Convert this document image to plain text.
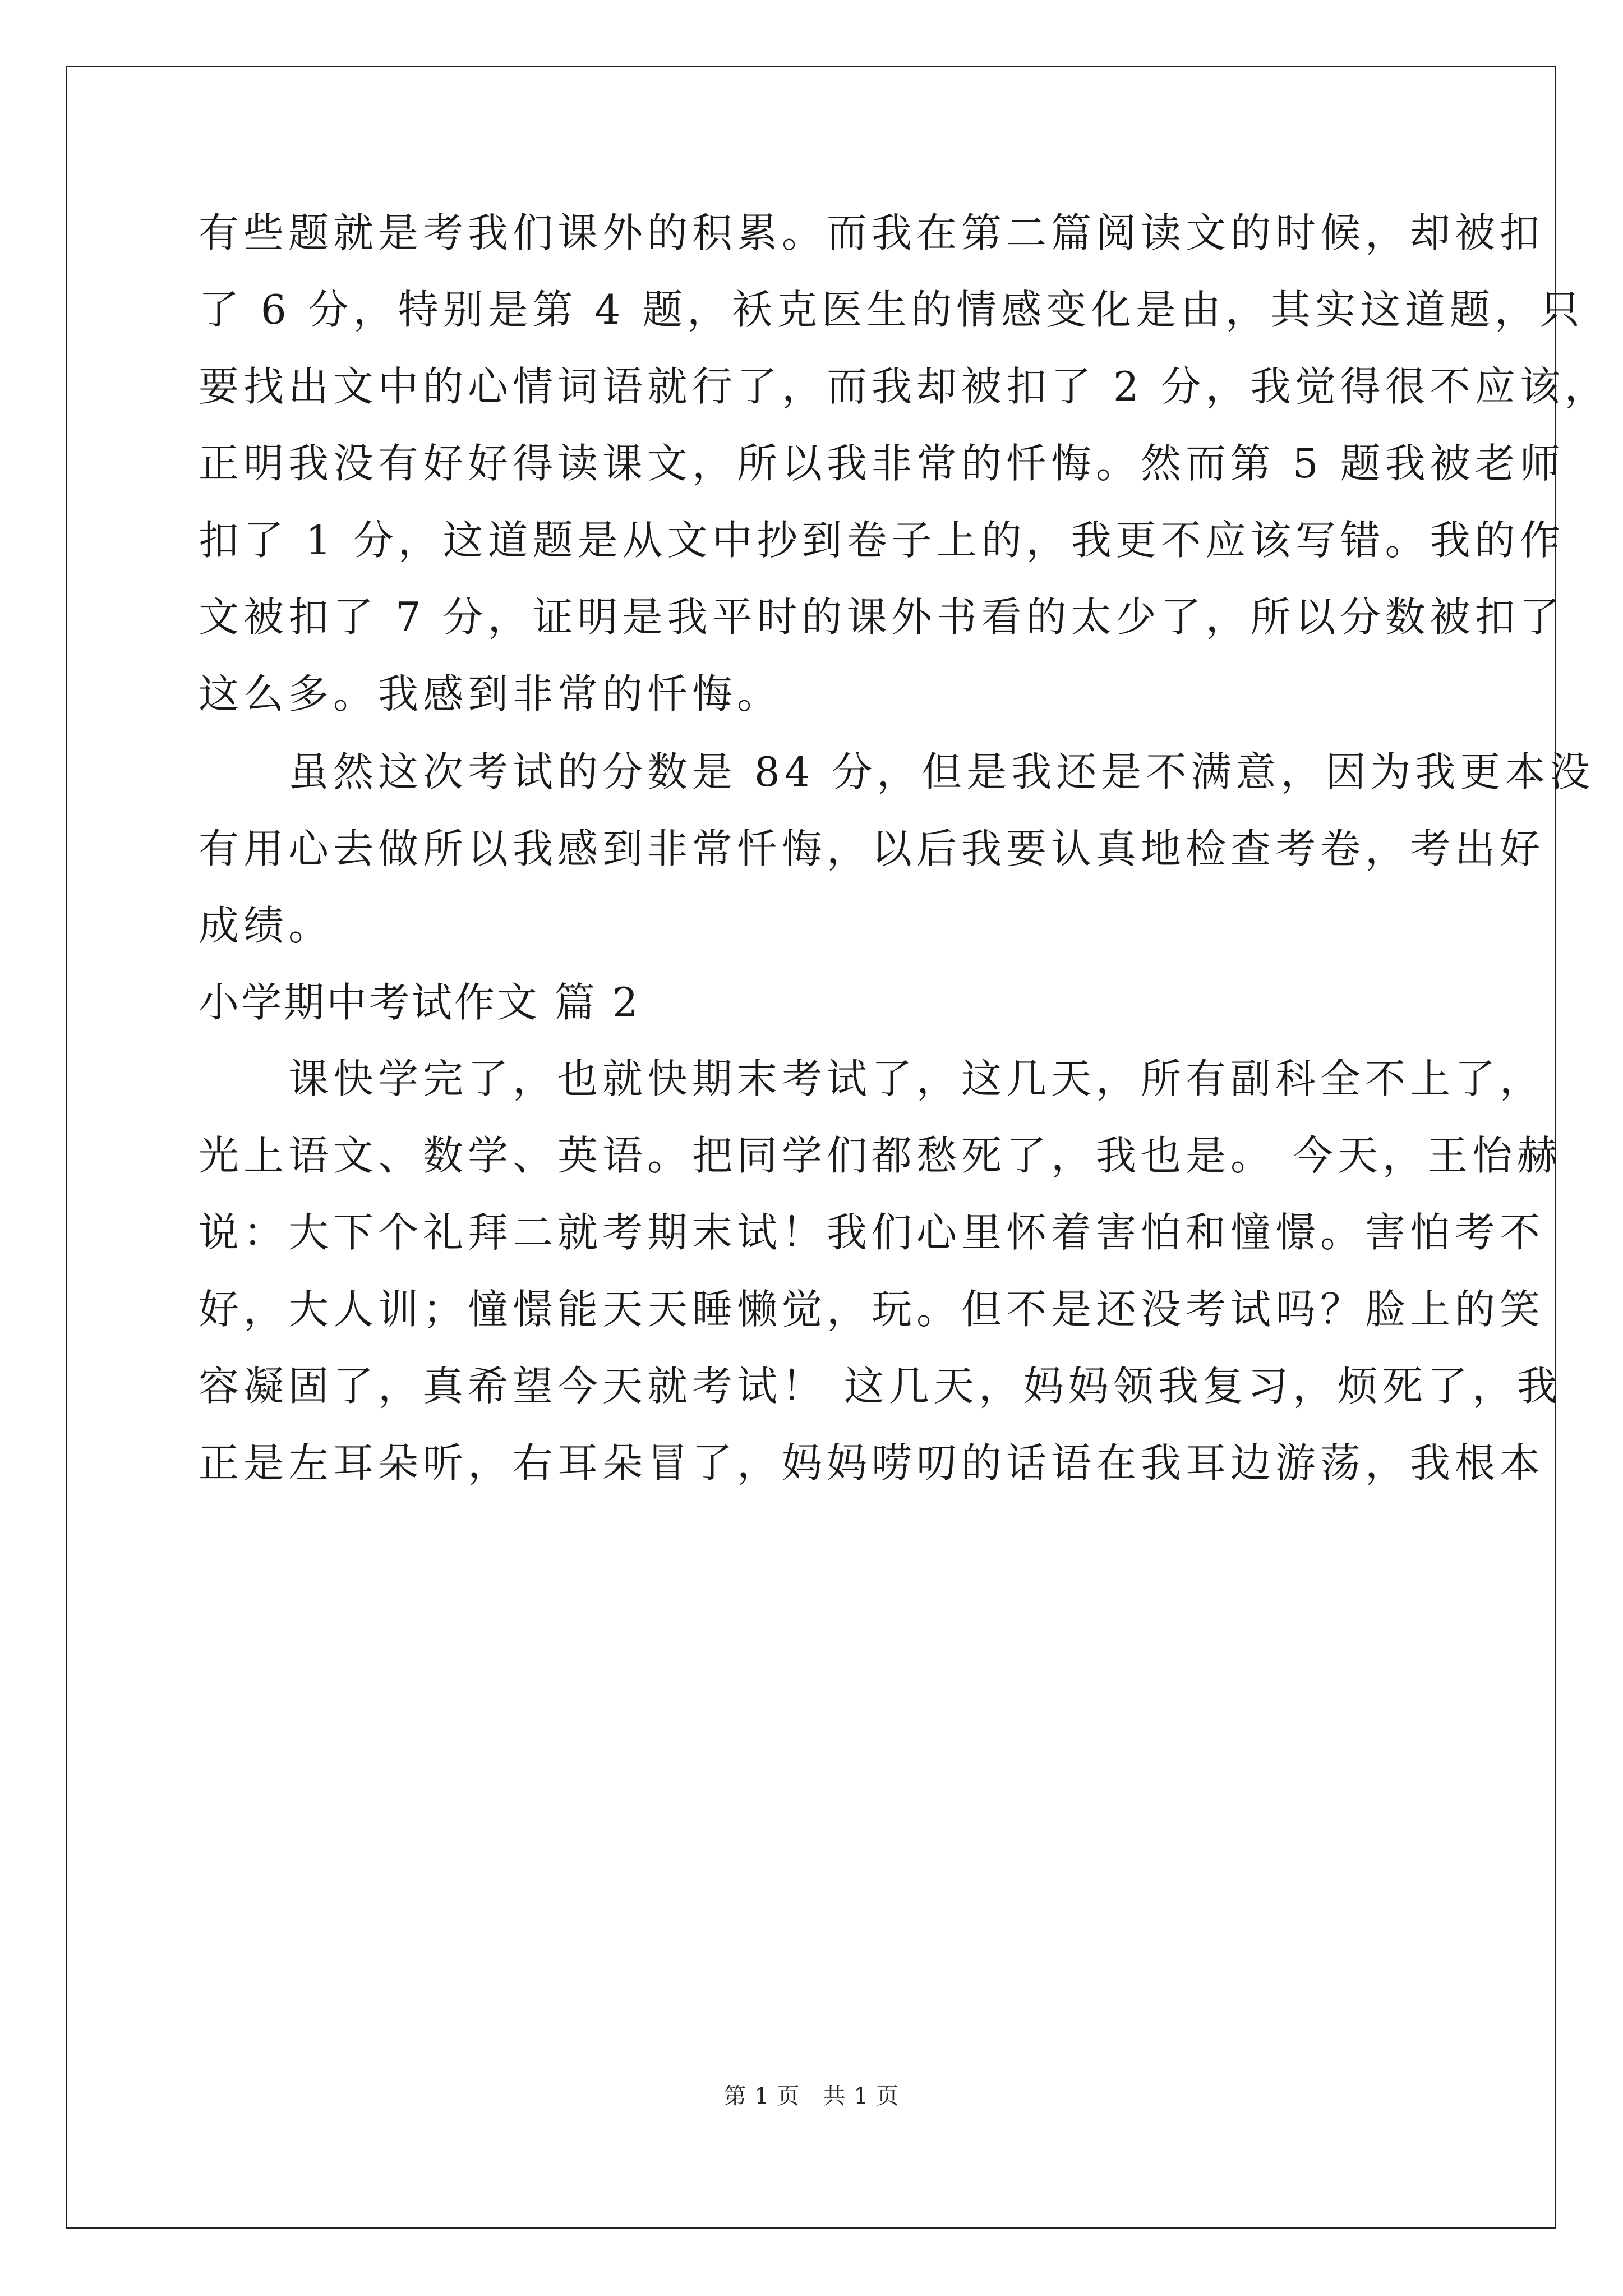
有些题就是考我们课外的积累。而我在第二篇阅读文的时候，却被扣
了 6 分，特别是第 4 题，袄克医生的情感变化是由，其实这道题，只
要找出文中的心情词语就行了，而我却被扣了 2 分，我觉得很不应该，
正明我没有好好得读课文，所以我非常的忏悔。然而第 5 题我被老师
扣了 1 分，这道题是从文中抄到卷子上的，我更不应该写错。我的作
文被扣了 7 分，证明是我平时的课外书看的太少了，所以分数被扣了
这么多。我感到非常的忏悔。
　　虽然这次考试的分数是 84 分，但是我还是不满意，因为我更本没
有用心去做所以我感到非常忏悔，以后我要认真地检查考卷，考出好
成绩。
小学期中考试作文 篇 2
　　课快学完了，也就快期末考试了，这几天，所有副科全不上了，
光上语文、数学、英语。把同学们都愁死了，我也是。 今天，王怡赫
说：大下个礼拜二就考期末试！我们心里怀着害怕和憧憬。害怕考不
好，大人训；憧憬能天天睡懒觉，玩。但不是还没考试吗？脸上的笑
容凝固了，真希望今天就考试！ 这几天，妈妈领我复习，烦死了，我
正是左耳朵听，右耳朵冒了，妈妈唠叨的话语在我耳边游荡，我根本
第 1 页　共 1 页
